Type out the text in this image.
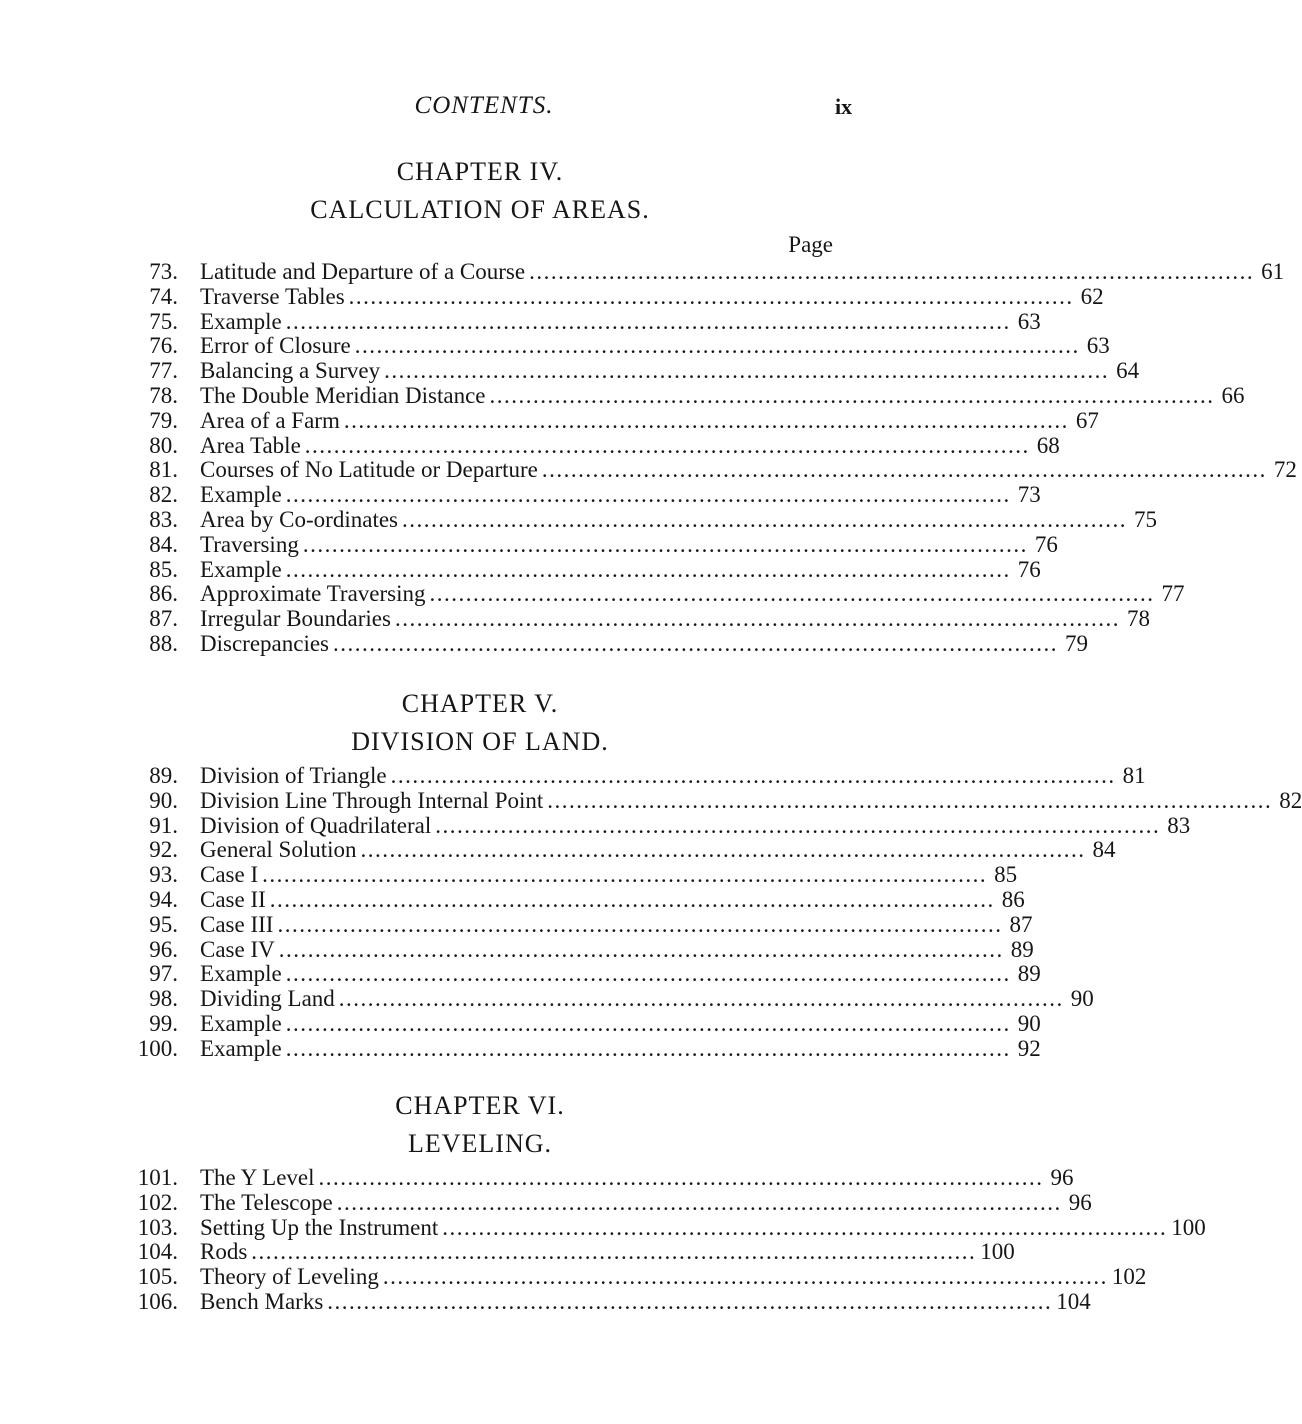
CONTENTS.	ix
CHAPTER IV.
CALCULATION OF AREAS.
Page
73. Latitude and Departure of a Course .................................................................................................... 61
74. Traverse Tables .................................................................................................... 62
75. Example .................................................................................................... 63
76. Error of Closure .................................................................................................... 63
77. Balancing a Survey .................................................................................................... 64
78. The Double Meridian Distance .................................................................................................... 66
79. Area of a Farm .................................................................................................... 67
80. Area Table .................................................................................................... 68
81. Courses of No Latitude or Departure .................................................................................................... 72
82. Example .................................................................................................... 73
83. Area by Co-ordinates .................................................................................................... 75
84. Traversing .................................................................................................... 76
85. Example .................................................................................................... 76
86. Approximate Traversing .................................................................................................... 77
87. Irregular Boundaries .................................................................................................... 78
88. Discrepancies .................................................................................................... 79
CHAPTER V.
DIVISION OF LAND.
89. Division of Triangle .................................................................................................... 81
90. Division Line Through Internal Point .................................................................................................... 82
91. Division of Quadrilateral .................................................................................................... 83
92. General Solution .................................................................................................... 84
93. Case I .................................................................................................... 85
94. Case II .................................................................................................... 86
95. Case III .................................................................................................... 87
96. Case IV .................................................................................................... 89
97. Example .................................................................................................... 89
98. Dividing Land .................................................................................................... 90
99. Example .................................................................................................... 90
100. Example .................................................................................................... 92
CHAPTER VI.
LEVELING.
101. The Y Level .................................................................................................... 96
102. The Telescope .................................................................................................... 96
103. Setting Up the Instrument .................................................................................................... 100
104. Rods .................................................................................................... 100
105. Theory of Leveling .................................................................................................... 102
106. Bench Marks .................................................................................................... 104
